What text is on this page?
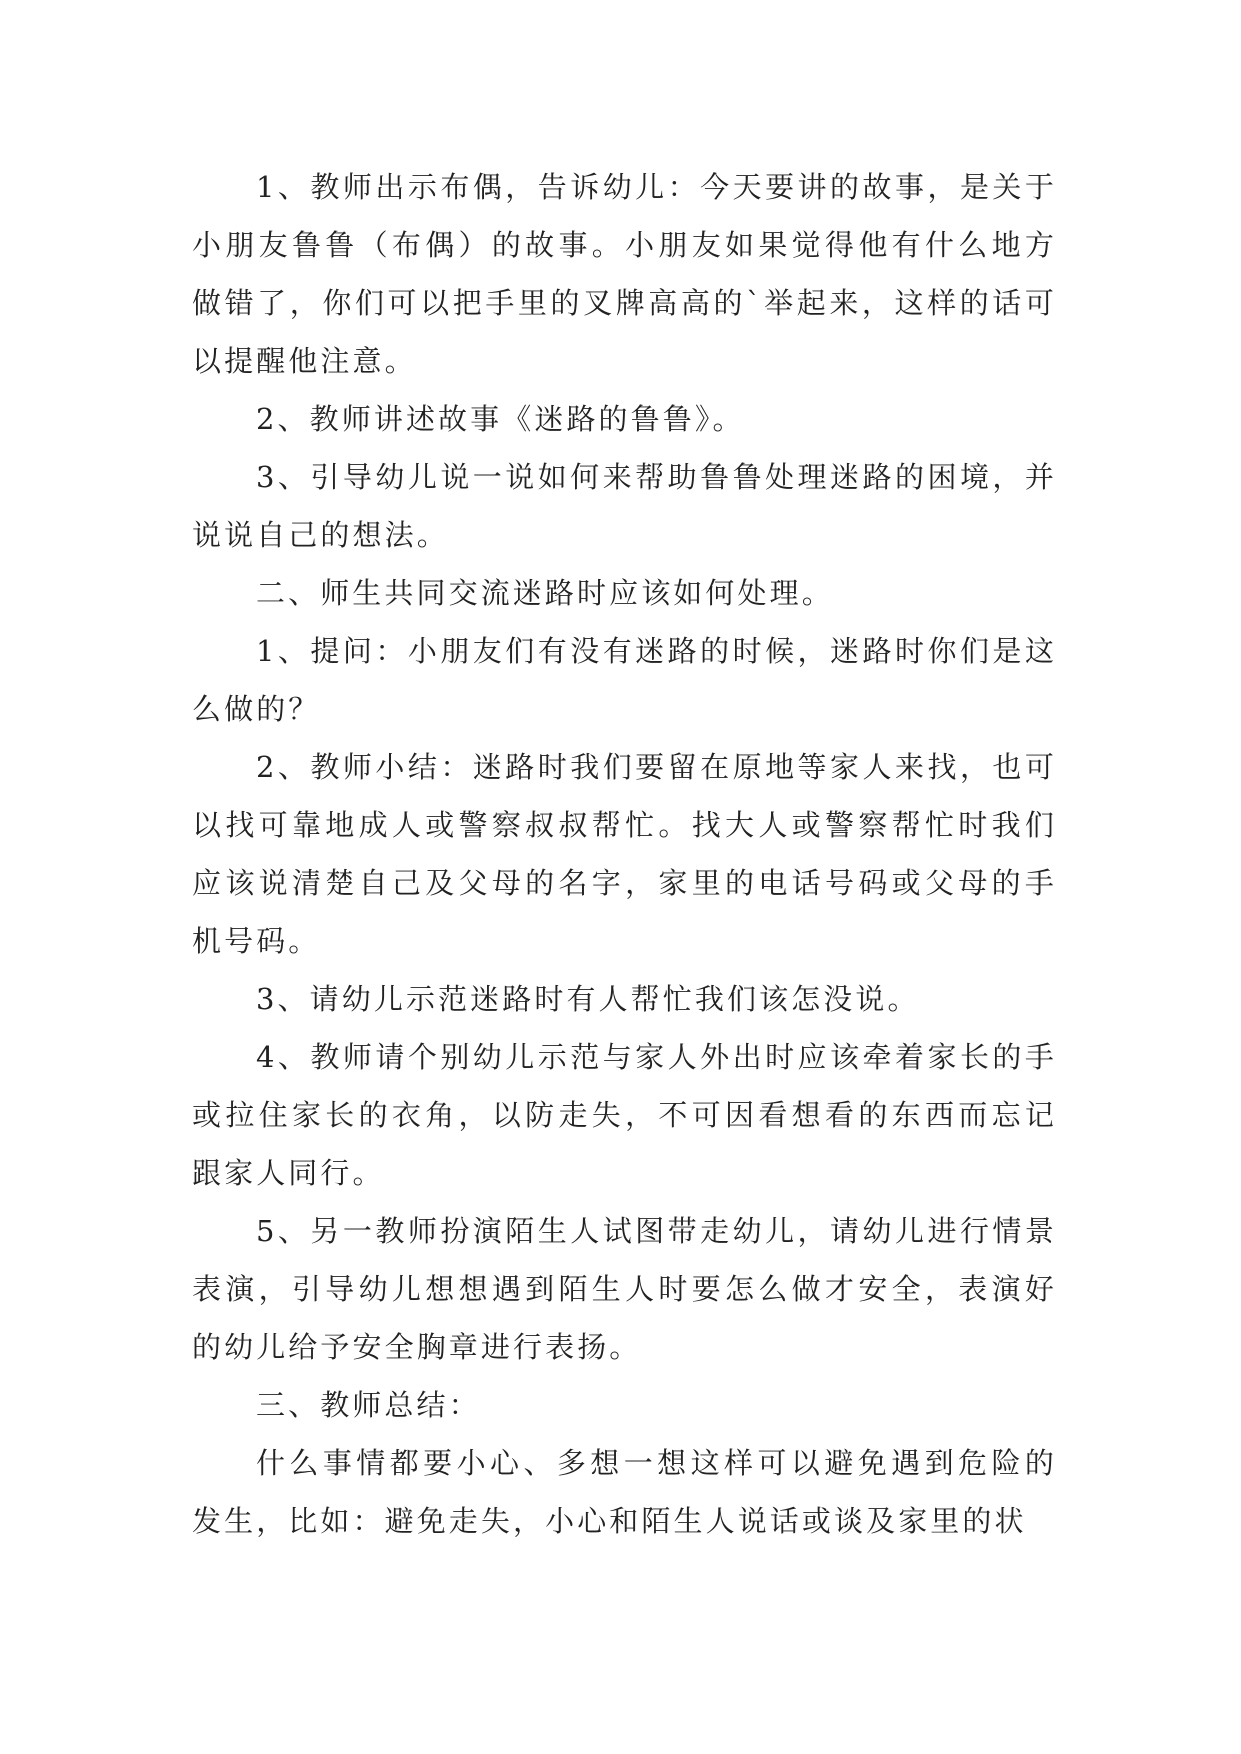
1、教师出示布偶，告诉幼儿：今天要讲的故事，是关于小朋友鲁鲁（布偶）的故事。小朋友如果觉得他有什么地方做错了，你们可以把手里的叉牌高高的`举起来，这样的话可以提醒他注意。

2、教师讲述故事《迷路的鲁鲁》。

3、引导幼儿说一说如何来帮助鲁鲁处理迷路的困境，并说说自己的想法。

二、师生共同交流迷路时应该如何处理。

1、提问：小朋友们有没有迷路的时候，迷路时你们是这么做的？

2、教师小结：迷路时我们要留在原地等家人来找，也可以找可靠地成人或警察叔叔帮忙。找大人或警察帮忙时我们应该说清楚自己及父母的名字，家里的电话号码或父母的手机号码。

3、请幼儿示范迷路时有人帮忙我们该怎没说。

4、教师请个别幼儿示范与家人外出时应该牵着家长的手或拉住家长的衣角，以防走失，不可因看想看的东西而忘记跟家人同行。

5、另一教师扮演陌生人试图带走幼儿，请幼儿进行情景表演，引导幼儿想想遇到陌生人时要怎么做才安全，表演好的幼儿给予安全胸章进行表扬。

三、教师总结：

什么事情都要小心、多想一想这样可以避免遇到危险的发生，比如：避免走失，小心和陌生人说话或谈及家里的状
